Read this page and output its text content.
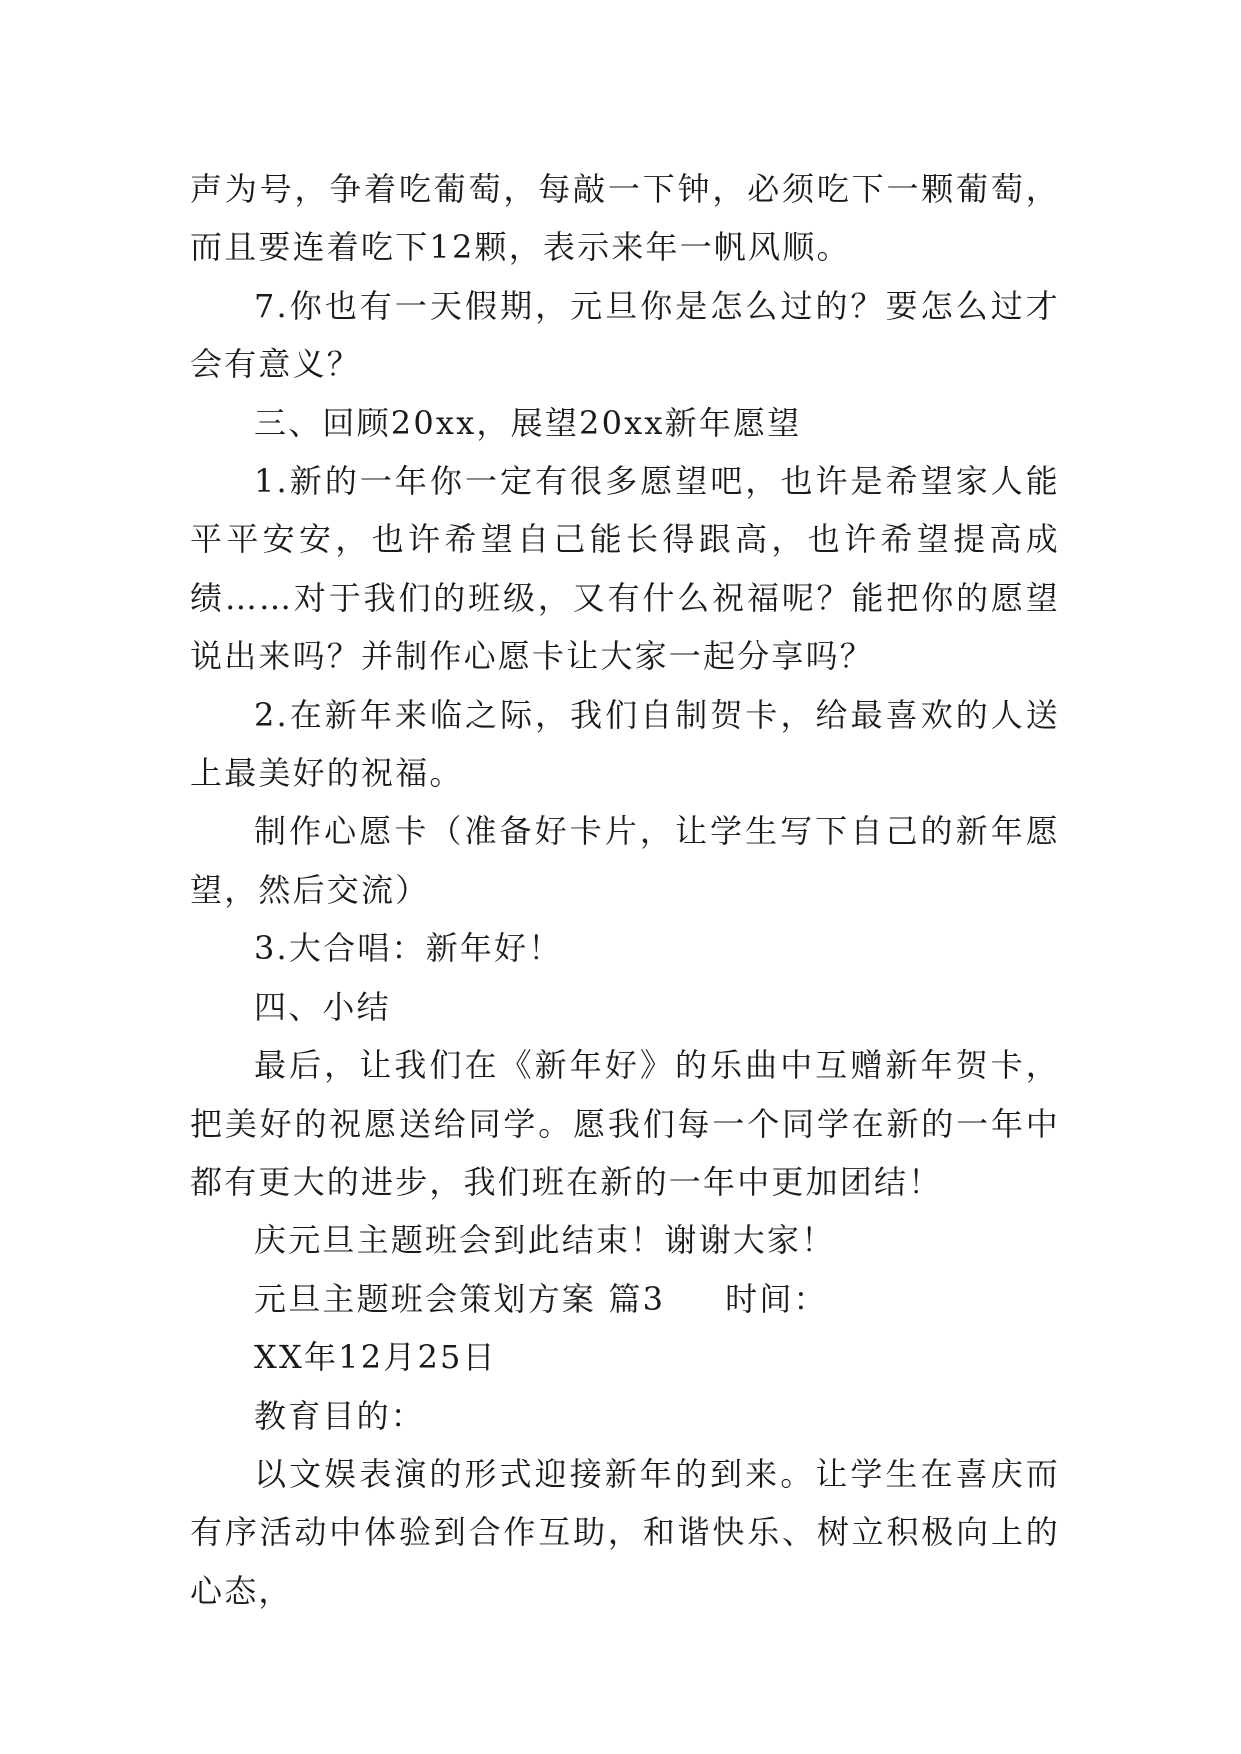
声为号，争着吃葡萄，每敲一下钟，必须吃下一颗葡萄，而且要连着吃下12颗，表示来年一帆风顺。

7.你也有一天假期，元旦你是怎么过的？要怎么过才会有意义？

三、回顾20xx，展望20xx新年愿望

1.新的一年你一定有很多愿望吧，也许是希望家人能平平安安，也许希望自己能长得跟高，也许希望提高成绩……对于我们的班级，又有什么祝福呢？能把你的愿望说出来吗？并制作心愿卡让大家一起分享吗？

2.在新年来临之际，我们自制贺卡，给最喜欢的人送上最美好的祝福。

制作心愿卡（准备好卡片，让学生写下自己的新年愿望，然后交流）

3.大合唱：新年好！

四、小结

最后，让我们在《新年好》的乐曲中互赠新年贺卡，把美好的祝愿送给同学。愿我们每一个同学在新的一年中都有更大的进步，我们班在新的一年中更加团结！

庆元旦主题班会到此结束！谢谢大家！

元旦主题班会策划方案 篇3 时间：

XX年12月25日

教育目的：

以文娱表演的形式迎接新年的到来。让学生在喜庆而有序活动中体验到合作互助，和谐快乐、树立积极向上的心态，
